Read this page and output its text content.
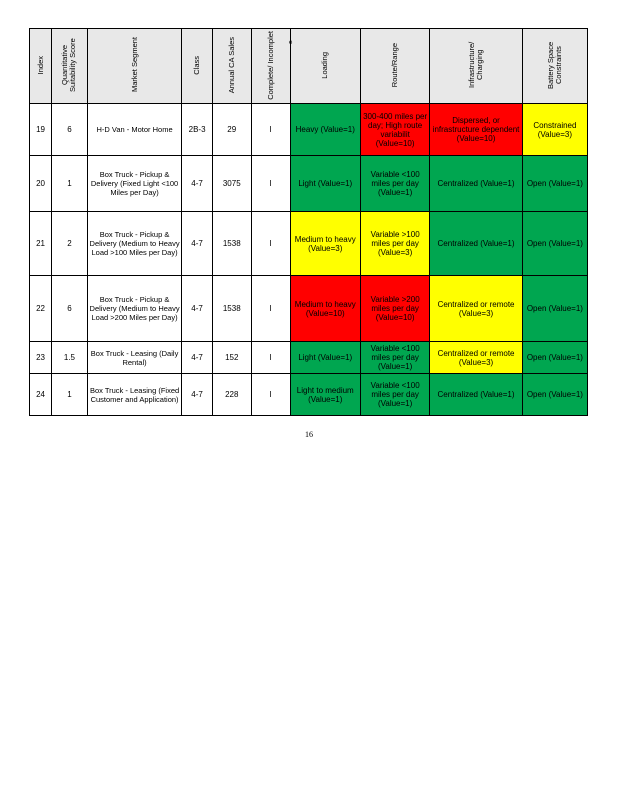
Index	Quantitative Suitability Score	Market Segment	Class	Annual CA Sales	Complete/ Incomplet	Loading	Route/Range	Infrastructure/ Charging	Battery Space Constraints
19	6	H-D Van - Motor Home	2B-3	29	I	Heavy (Value=1)	300-400 miles per day; High route variabilit (Value=10)	Dispersed, or infrastructure dependent (Value=10)	Constrained (Value=3)
20	1	Box Truck - Pickup & Delivery (Fixed Light <100 Miles per Day)	4-7	3075	I	Light (Value=1)	Variable <100 miles per day (Value=1)	Centralized (Value=1)	Open (Value=1)
21	2	Box Truck - Pickup & Delivery (Medium to Heavy Load >100 Miles per Day)	4-7	1538	I	Medium to heavy (Value=3)	Variable >100 miles per day (Value=3)	Centralized (Value=1)	Open (Value=1)
22	6	Box Truck - Pickup & Delivery (Medium to Heavy Load >200 Miles per Day)	4-7	1538	I	Medium to heavy (Value=10)	Variable >200 miles per day (Value=10)	Centralized or remote (Value=3)	Open (Value=1)
23	1.5	Box Truck - Leasing (Daily Rental)	4-7	152	I	Light (Value=1)	Variable <100 miles per day (Value=1)	Centralized or remote (Value=3)	Open (Value=1)
24	1	Box Truck - Leasing (Fixed Customer and Application)	4-7	228	I	Light to medium (Value=1)	Variable <100 miles per day (Value=1)	Centralized (Value=1)	Open (Value=1)
e
16
